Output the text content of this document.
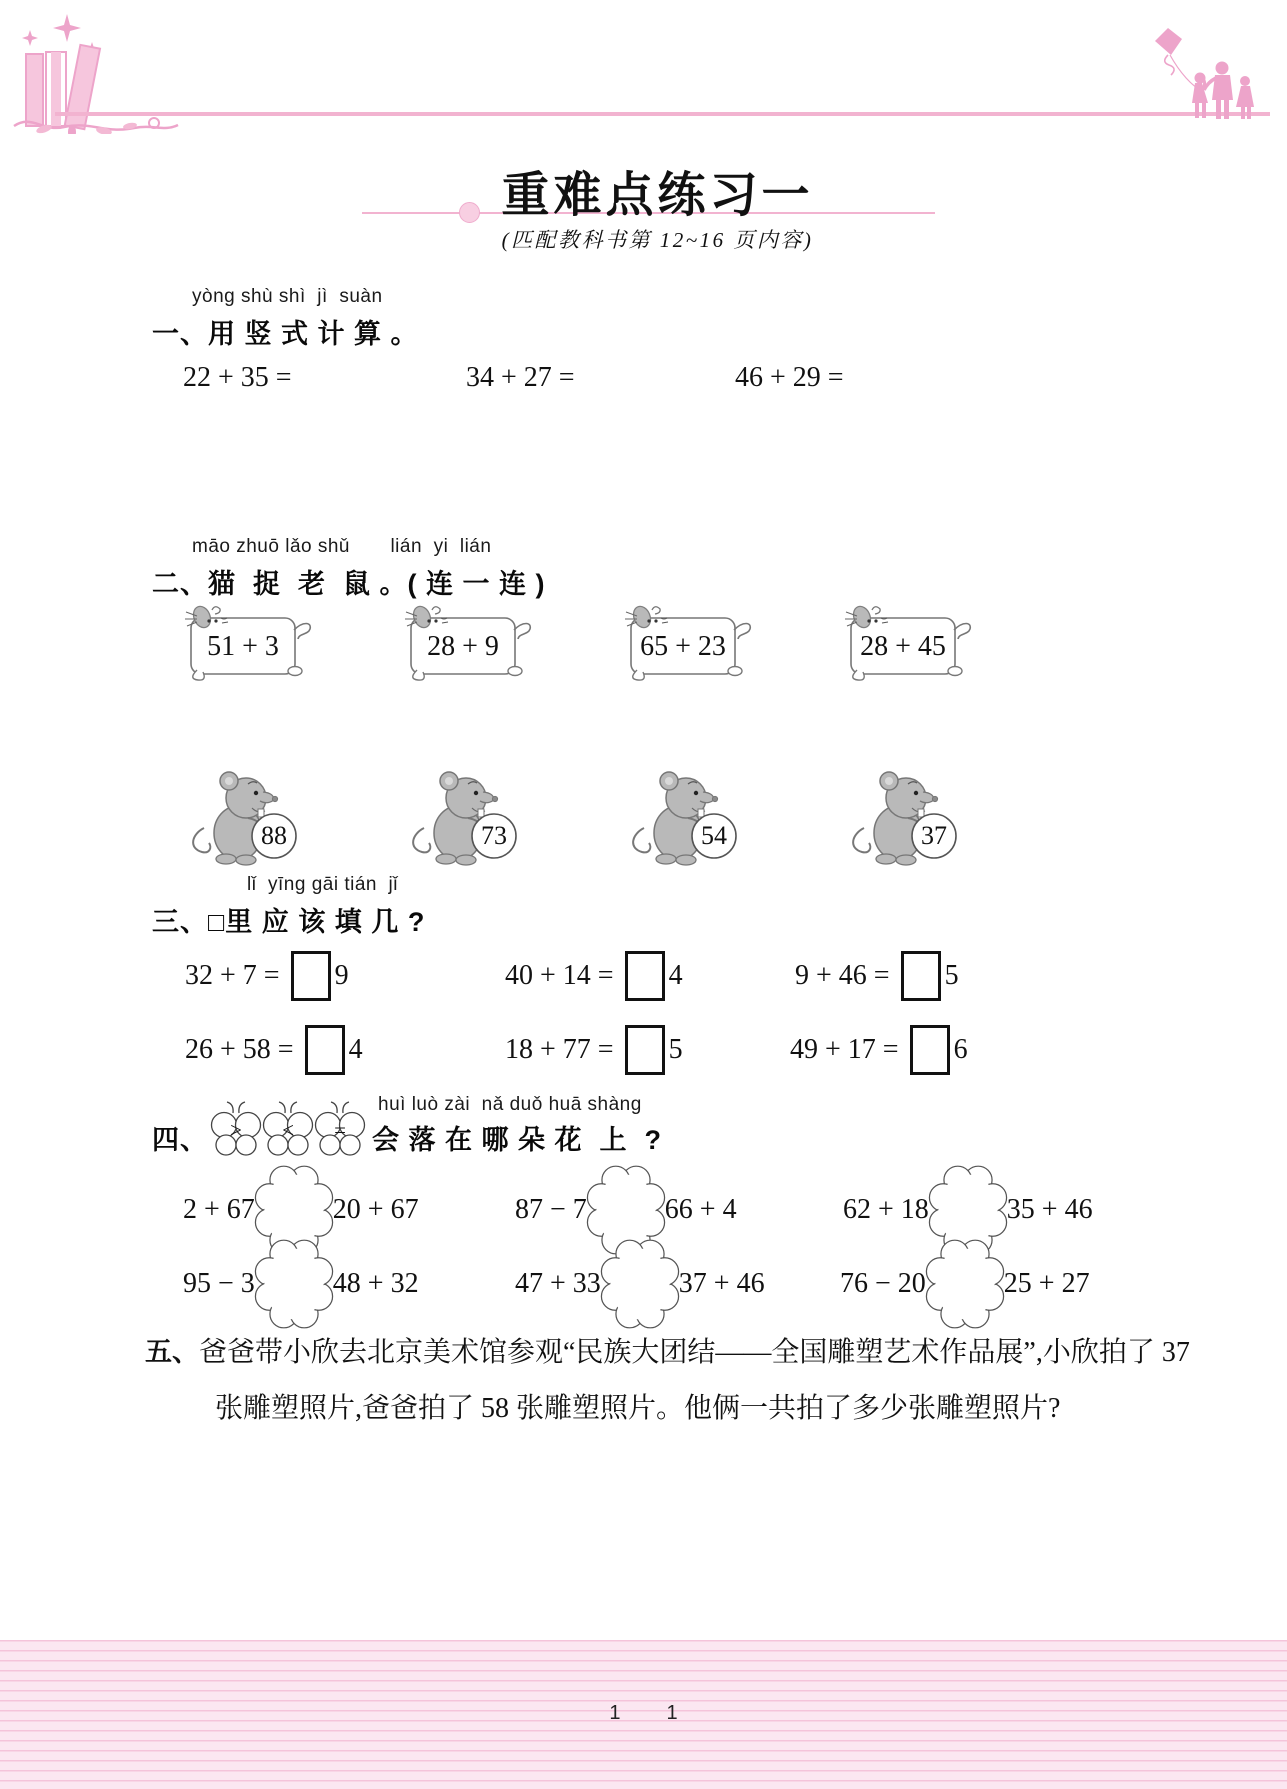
重难点练习一
(匹配教科书第 12~16 页内容)
yòng shù shì  jì  suàn
一、用 竖 式 计 算 。
22 + 35 =	34 + 27 =	46 + 29 =
māo zhuō lǎo shǔ       lián  yi  lián
二、猫  捉  老  鼠 。( 连 一 连 )
51 + 3	28 + 9	65 + 23	28 + 45
88	73	54	37
lǐ  yīng gāi tián  jǐ
三、□里 应 该 填 几 ?
32 + 7 = 9	40 + 14 = 4	9 + 46 = 5
26 + 58 = 4	18 + 77 = 5	49 + 17 = 6
四、	>	<	=
huì luò zài  nǎ duǒ huā shàng
会 落 在 哪 朵 花  上  ?
2 + 67	20 + 67	87 − 7	66 + 4	62 + 18	35 + 46
95 − 3	48 + 32	47 + 33	37 + 46	76 − 20	25 + 27
五、爸爸带小欣去北京美术馆参观“民族大团结——全国雕塑艺术作品展”,小欣拍了 37 张雕塑照片,爸爸拍了 58 张雕塑照片。他俩一共拍了多少张雕塑照片?
1 1
